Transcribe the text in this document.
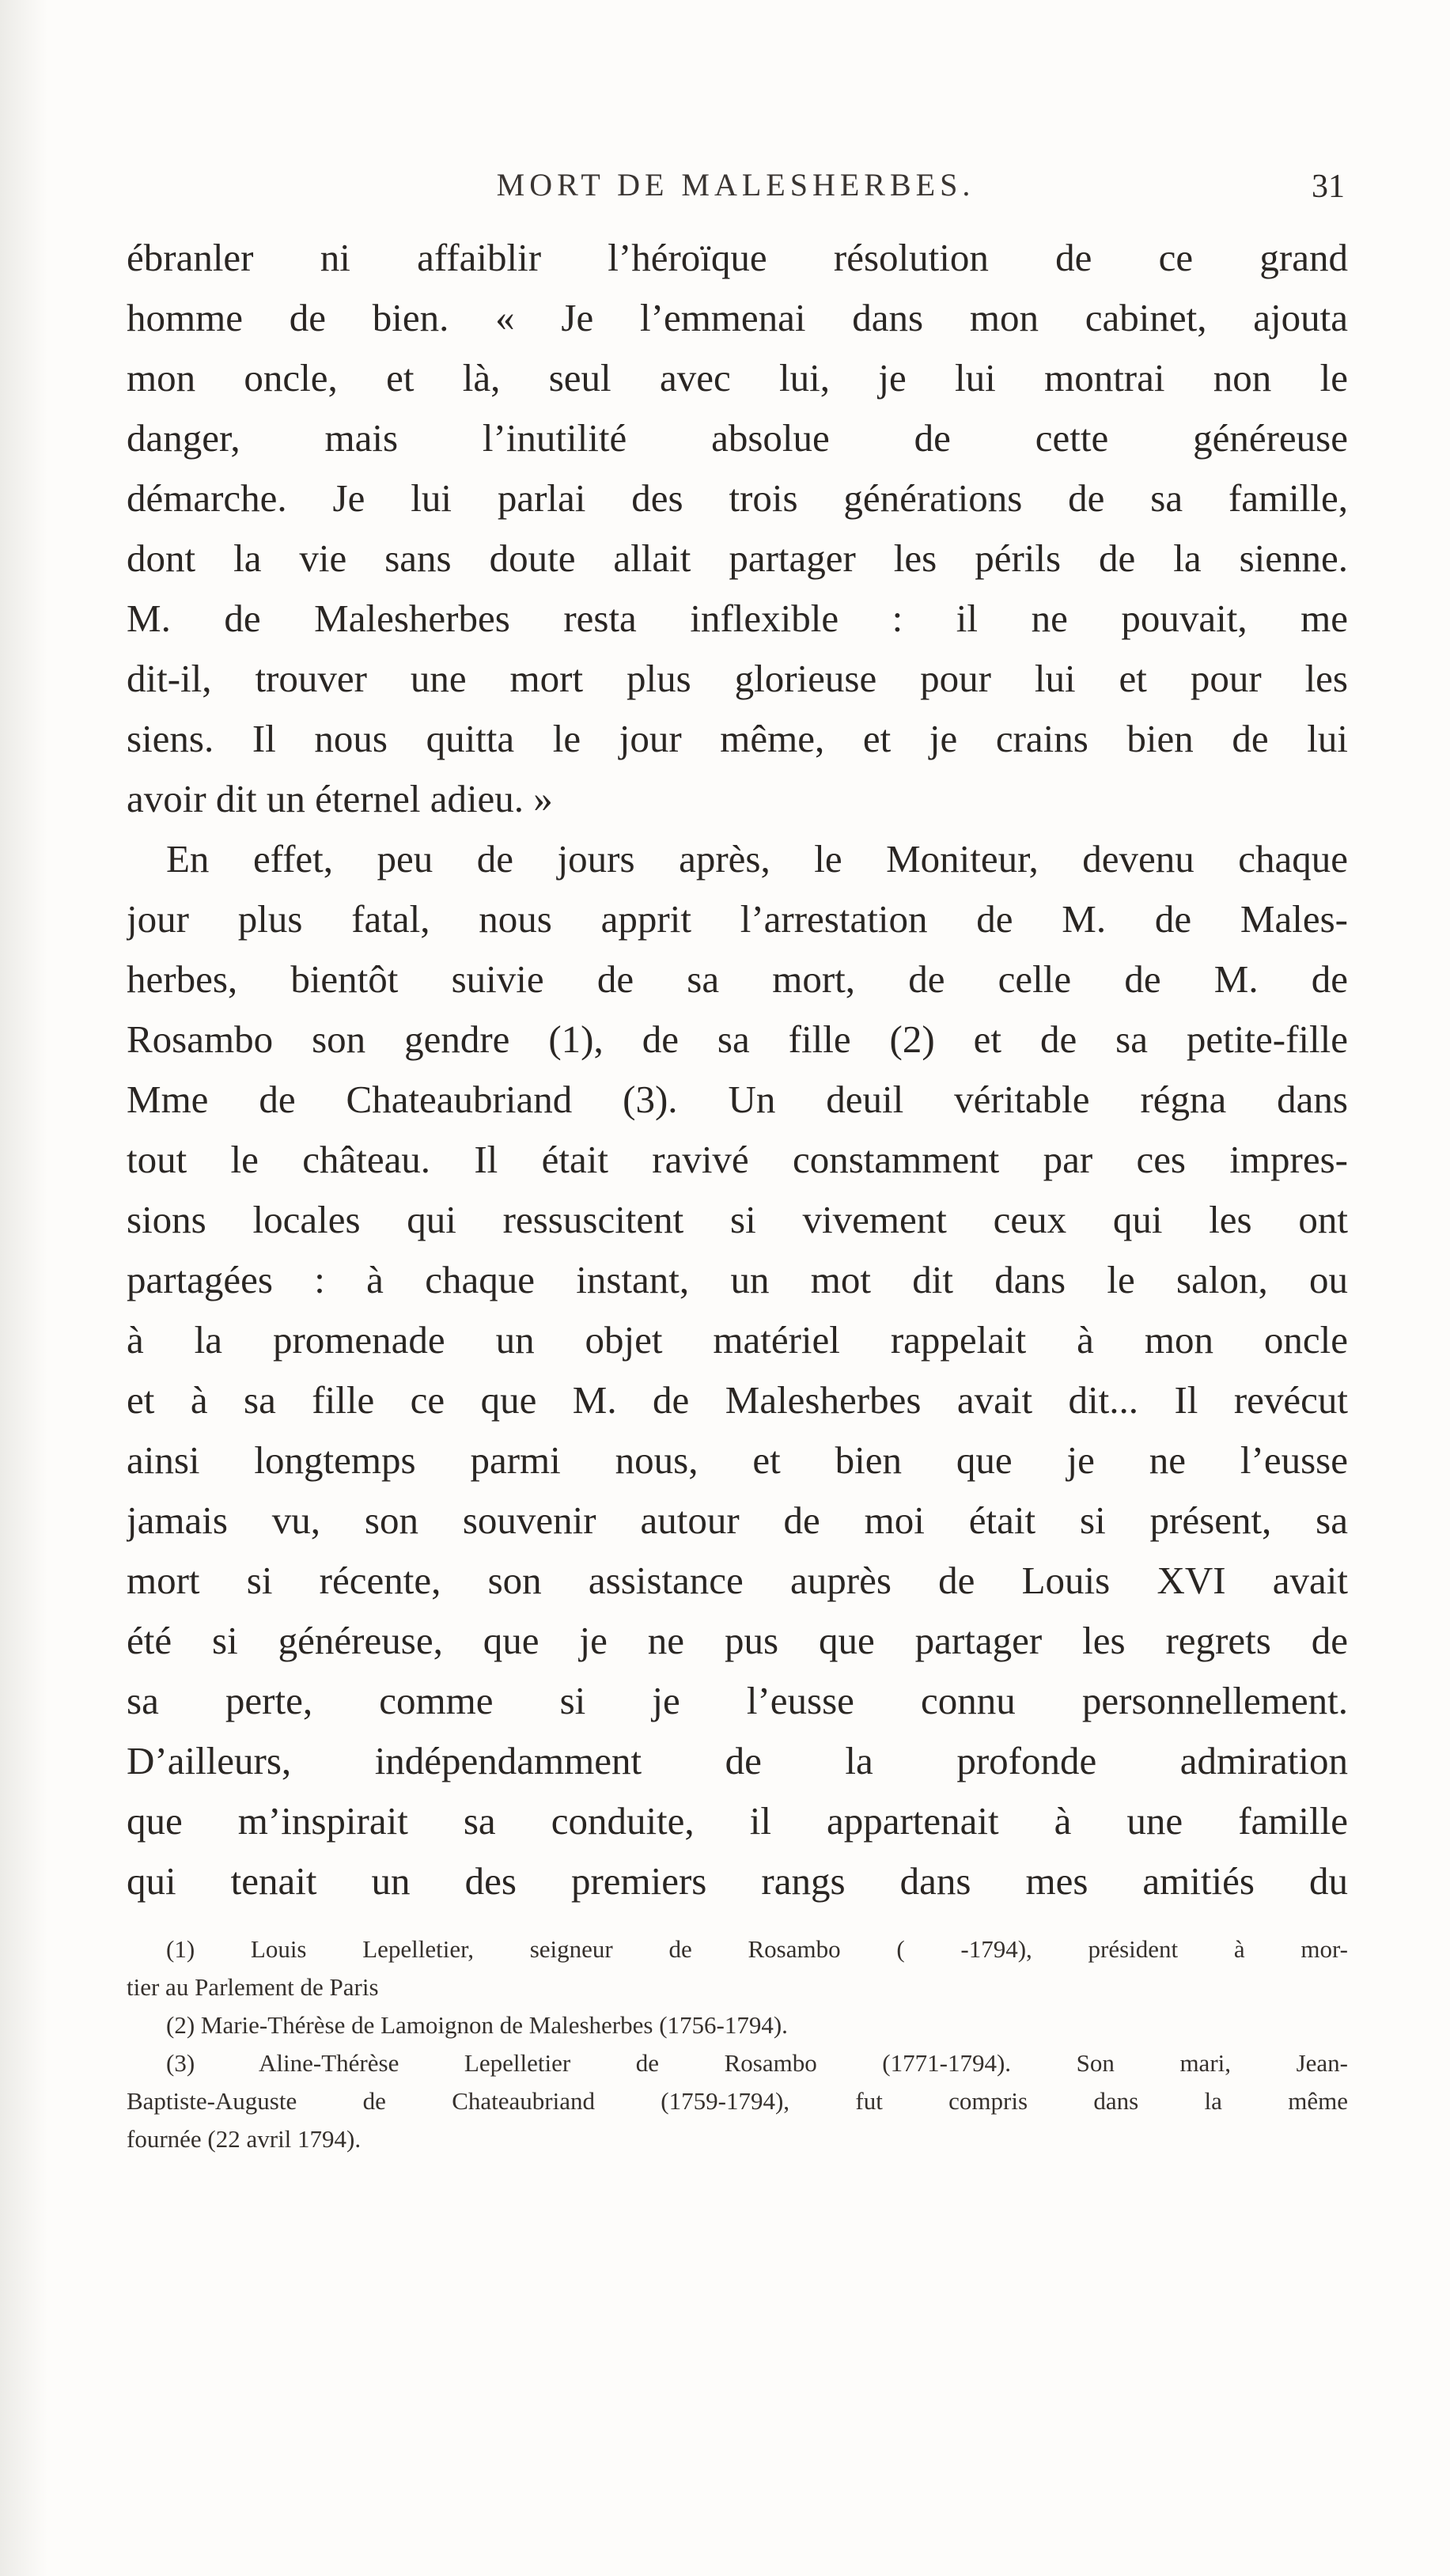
MORT DE MALESHERBES.	31
ébranler ni affaiblir l’héroïque résolution de ce grand
homme de bien. « Je l’emmenai dans mon cabinet, ajouta
mon oncle, et là, seul avec lui, je lui montrai non le
danger, mais l’inutilité absolue de cette généreuse
démarche. Je lui parlai des trois générations de sa famille,
dont la vie sans doute allait partager les périls de la sienne.
M. de Malesherbes resta inflexible : il ne pouvait, me
dit-il, trouver une mort plus glorieuse pour lui et pour les
siens. Il nous quitta le jour même, et je crains bien de lui
avoir dit un éternel adieu. »
En effet, peu de jours après, le Moniteur, devenu chaque
jour plus fatal, nous apprit l’arrestation de M. de Males-
herbes, bientôt suivie de sa mort, de celle de M. de
Rosambo son gendre (1), de sa fille (2) et de sa petite-fille
Mme de Chateaubriand (3). Un deuil véritable régna dans
tout le château. Il était ravivé constamment par ces impres-
sions locales qui ressuscitent si vivement ceux qui les ont
partagées : à chaque instant, un mot dit dans le salon, ou
à la promenade un objet matériel rappelait à mon oncle
et à sa fille ce que M. de Malesherbes avait dit... Il revécut
ainsi longtemps parmi nous, et bien que je ne l’eusse
jamais vu, son souvenir autour de moi était si présent, sa
mort si récente, son assistance auprès de Louis XVI avait
été si généreuse, que je ne pus que partager les regrets de
sa perte, comme si je l’eusse connu personnellement.
D’ailleurs, indépendamment de la profonde admiration
que m’inspirait sa conduite, il appartenait à une famille
qui tenait un des premiers rangs dans mes amitiés du
(1) Louis Lepelletier, seigneur de Rosambo ( -1794), président à mor-
tier au Parlement de Paris
(2) Marie-Thérèse de Lamoignon de Malesherbes (1756-1794).
(3) Aline-Thérèse Lepelletier de Rosambo (1771-1794). Son mari, Jean-
Baptiste-Auguste de Chateaubriand (1759-1794), fut compris dans la même
fournée (22 avril 1794).
